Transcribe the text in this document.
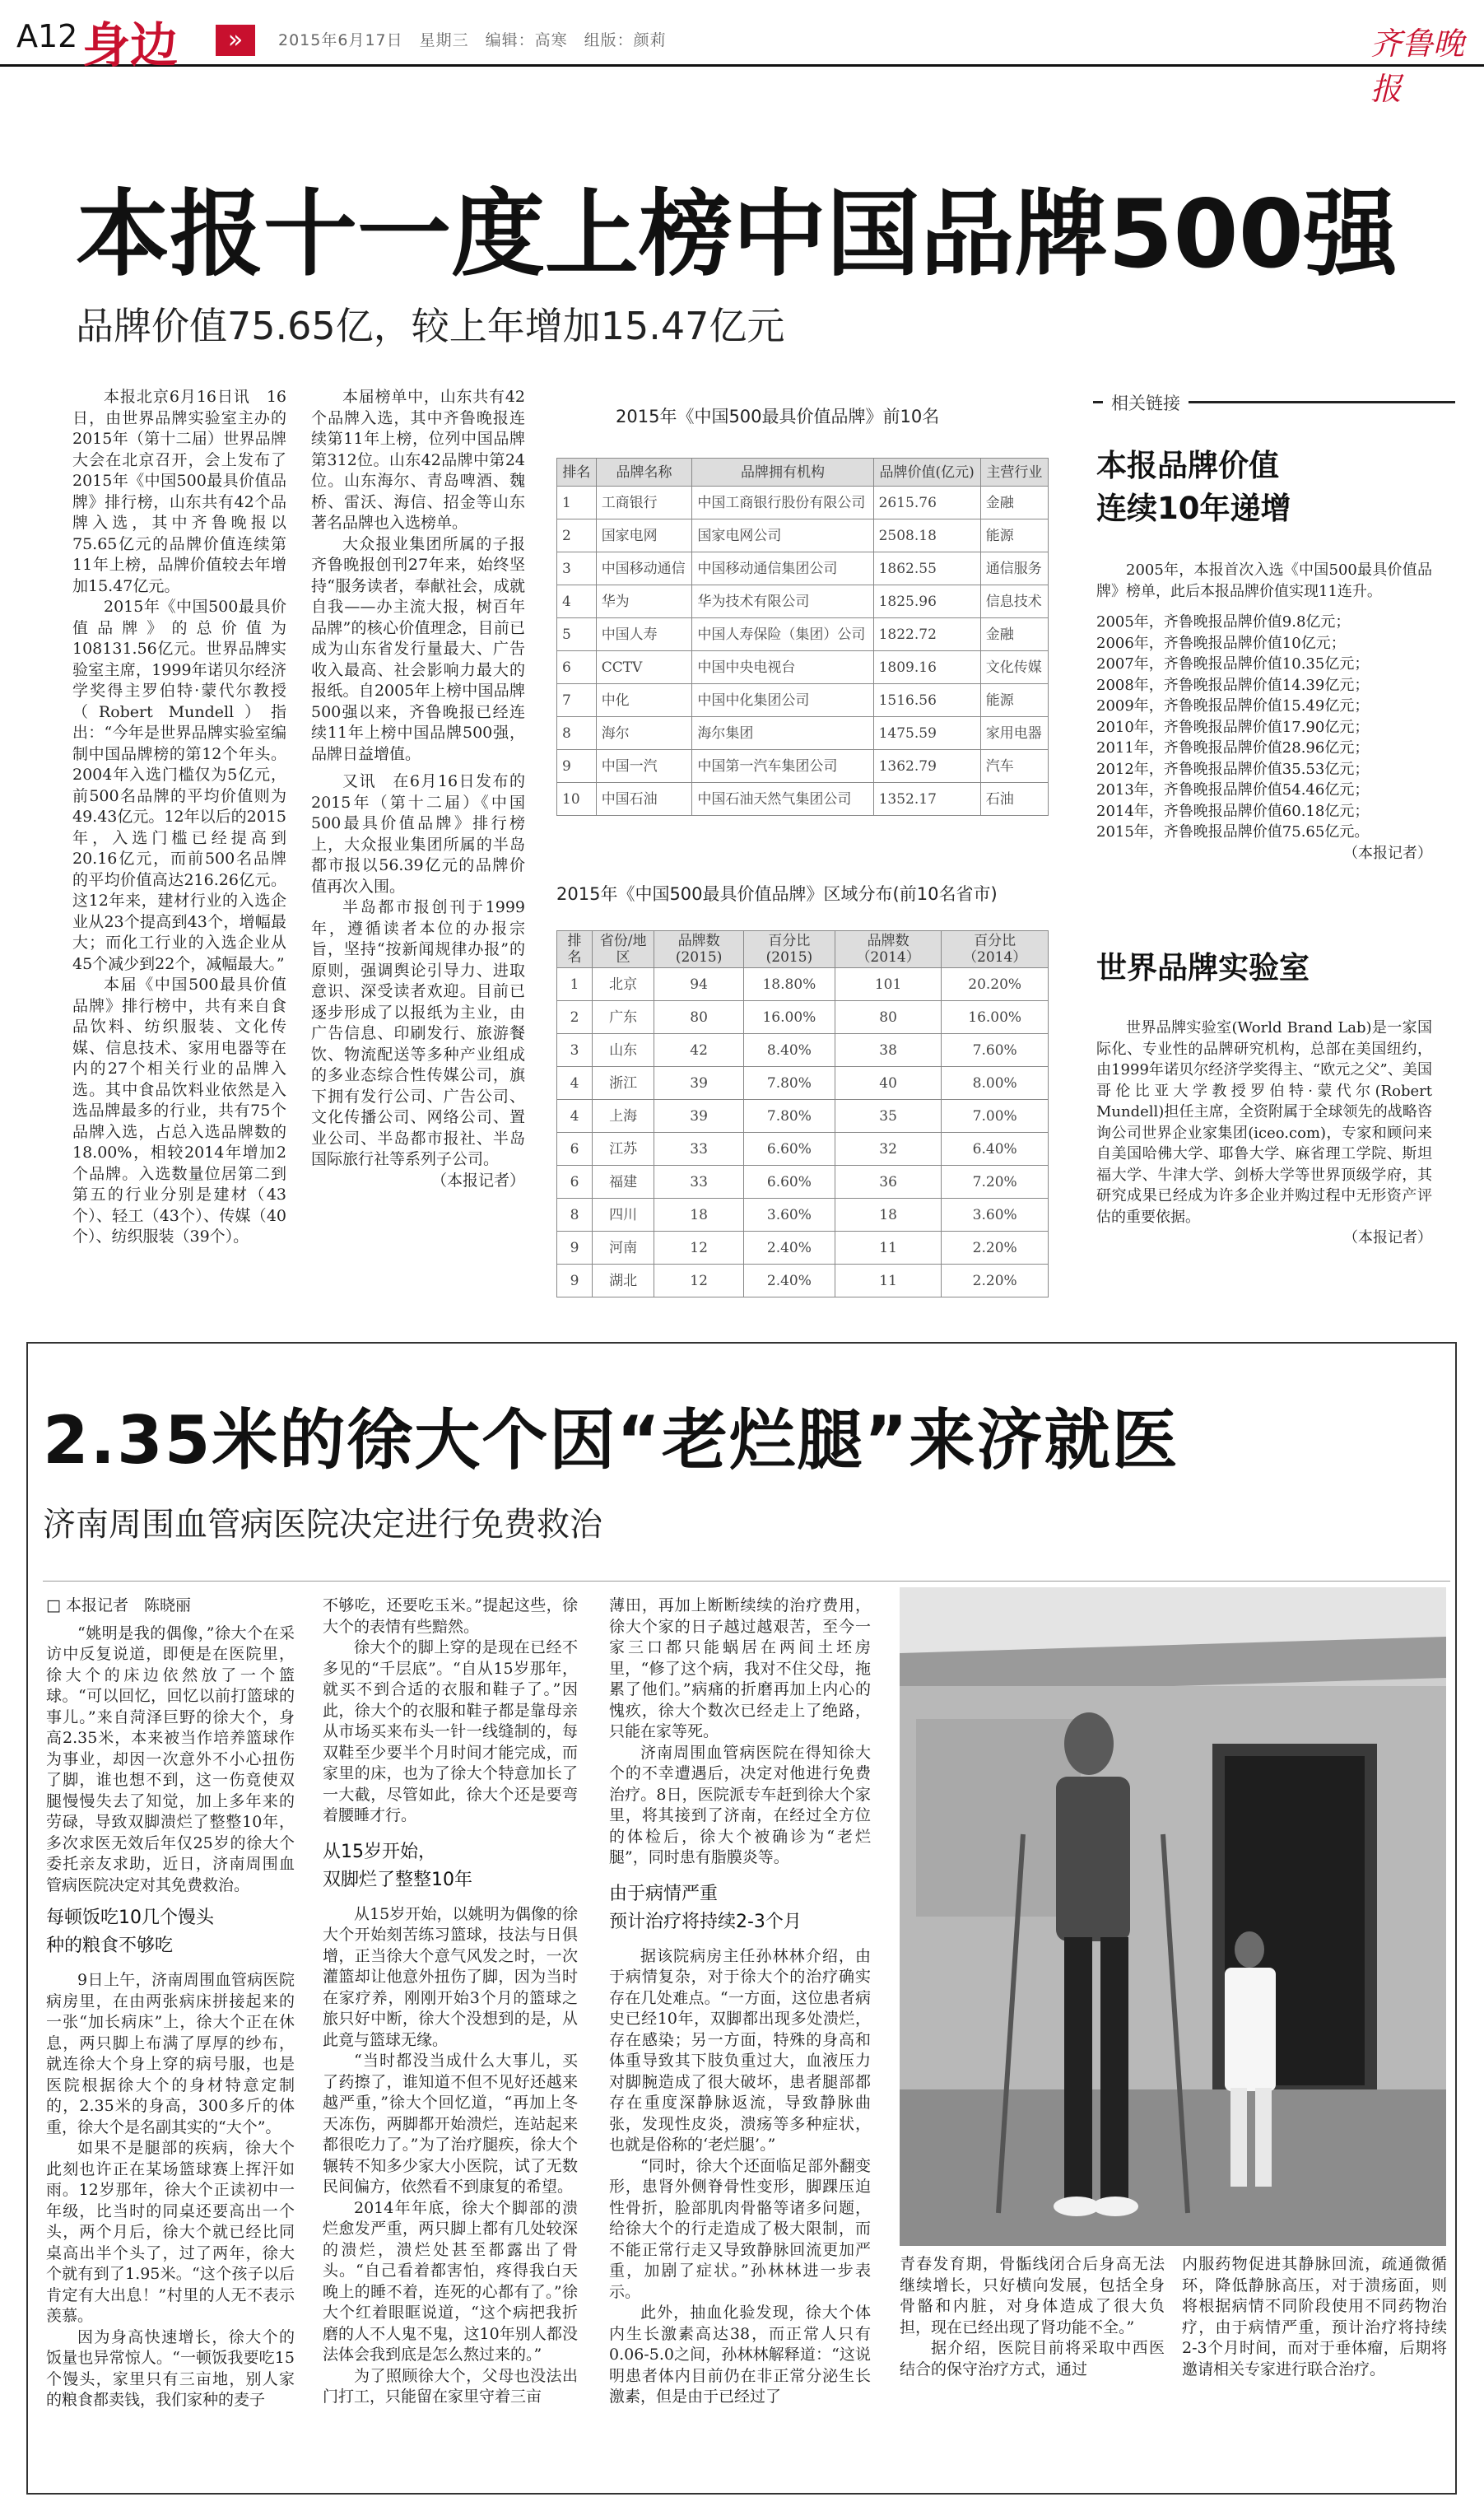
A12 身边	»	2015年6月17日　星期三　编辑：高寒　组版：颜莉	齐鲁晚报
本报十一度上榜中国品牌500强
品牌价值75.65亿，较上年增加15.47亿元

本报北京6月16日讯　16日，由世界品牌实验室主办的2015年（第十二届）世界品牌大会在北京召开，会上发布了2015年《中国500最具价值品牌》排行榜，山东共有42个品牌入选，其中齐鲁晚报以75.65亿元的品牌价值连续第11年上榜，品牌价值较去年增加15.47亿元。

2015年《中国500最具价值品牌》的总价值为108131.56亿元。世界品牌实验室主席，1999年诺贝尔经济学奖得主罗伯特·蒙代尔教授（Robert Mundell）指出：“今年是世界品牌实验室编制中国品牌榜的第12个年头。2004年入选门槛仅为5亿元，前500名品牌的平均价值则为49.43亿元。12年以后的2015年，入选门槛已经提高到20.16亿元，而前500名品牌的平均价值高达216.26亿元。这12年来，建材行业的入选企业从23个提高到43个，增幅最大；而化工行业的入选企业从45个减少到22个，减幅最大。”

本届《中国500最具价值品牌》排行榜中，共有来自食品饮料、纺织服装、文化传媒、信息技术、家用电器等在内的27个相关行业的品牌入选。其中食品饮料业依然是入选品牌最多的行业，共有75个品牌入选，占总入选品牌数的18.00%，相较2014年增加2个品牌。入选数量位居第二到第五的行业分别是建材（43个）、轻工（43个）、传媒（40个）、纺织服装（39个）。

本届榜单中，山东共有42个品牌入选，其中齐鲁晚报连续第11年上榜，位列中国品牌第312位。山东42品牌中第24位。山东海尔、青岛啤酒、魏桥、雷沃、海信、招金等山东著名品牌也入选榜单。

大众报业集团所属的子报齐鲁晚报创刊27年来，始终坚持“服务读者，奉献社会，成就自我——办主流大报，树百年品牌”的核心价值理念，目前已成为山东省发行量最大、广告收入最高、社会影响力最大的报纸。自2005年上榜中国品牌500强以来，齐鲁晚报已经连续11年上榜中国品牌500强，品牌日益增值。

又讯　在6月16日发布的2015年（第十二届）《中国500最具价值品牌》排行榜上，大众报业集团所属的半岛都市报以56.39亿元的品牌价值再次入围。

半岛都市报创刊于1999年，遵循读者本位的办报宗旨，坚持“按新闻规律办报”的原则，强调舆论引导力、进取意识、深受读者欢迎。目前已逐步形成了以报纸为主业，由广告信息、印刷发行、旅游餐饮、物流配送等多种产业组成的多业态综合性传媒公司，旗下拥有发行公司、广告公司、文化传播公司、网络公司、置业公司、半岛都市报社、半岛国际旅行社等系列子公司。

（本报记者）

2015年《中国500最具价值品牌》前10名
排名	品牌名称	品牌拥有机构	品牌价值(亿元)	主营行业
1	工商银行	中国工商银行股份有限公司	2615.76	金融
2	国家电网	国家电网公司	2508.18	能源
3	中国移动通信	中国移动通信集团公司	1862.55	通信服务
4	华为	华为技术有限公司	1825.96	信息技术
5	中国人寿	中国人寿保险（集团）公司	1822.72	金融
6	CCTV	中国中央电视台	1809.16	文化传媒
7	中化	中国中化集团公司	1516.56	能源
8	海尔	海尔集团	1475.59	家用电器
9	中国一汽	中国第一汽车集团公司	1362.79	汽车
10	中国石油	中国石油天然气集团公司	1352.17	石油
2015年《中国500最具价值品牌》区域分布(前10名省市)
排名	省份/地区	品牌数(2015)	百分比(2015)	品牌数（2014）	百分比（2014）
1	北京	94	18.80%	101	20.20%
2	广东	80	16.00%	80	16.00%
3	山东	42	8.40%	38	7.60%
4	浙江	39	7.80%	40	8.00%
4	上海	39	7.80%	35	7.00%
6	江苏	33	6.60%	32	6.40%
6	福建	33	6.60%	36	7.20%
8	四川	18	3.60%	18	3.60%
9	河南	12	2.40%	11	2.20%
9	湖北	12	2.40%	11	2.20%
相关链接
本报品牌价值
连续10年递增

2005年，本报首次入选《中国500最具价值品牌》榜单，此后本报品牌价值实现11连升。

2005年，齐鲁晚报品牌价值9.8亿元；
2006年，齐鲁晚报品牌价值10亿元；
2007年，齐鲁晚报品牌价值10.35亿元；
2008年，齐鲁晚报品牌价值14.39亿元；
2009年，齐鲁晚报品牌价值15.49亿元；
2010年，齐鲁晚报品牌价值17.90亿元；
2011年，齐鲁晚报品牌价值28.96亿元；
2012年，齐鲁晚报品牌价值35.53亿元；
2013年，齐鲁晚报品牌价值54.46亿元；
2014年，齐鲁晚报品牌价值60.18亿元；
2015年，齐鲁晚报品牌价值75.65亿元。

（本报记者）

世界品牌实验室

世界品牌实验室(World Brand Lab)是一家国际化、专业性的品牌研究机构，总部在美国纽约，由1999年诺贝尔经济学奖得主、“欧元之父”、美国哥伦比亚大学教授罗伯特·蒙代尔(Robert Mundell)担任主席，全资附属于全球领先的战略咨询公司世界企业家集团(iceo.com)，专家和顾问来自美国哈佛大学、耶鲁大学、麻省理工学院、斯坦福大学、牛津大学、剑桥大学等世界顶级学府，其研究成果已经成为许多企业并购过程中无形资产评估的重要依据。

（本报记者）

2.35米的徐大个因“老烂腿”来济就医
济南周围血管病医院决定进行免费救治

□ 本报记者　陈晓丽

“姚明是我的偶像，”徐大个在采访中反复说道，即便是在医院里，徐大个的床边依然放了一个篮球。“可以回忆，回忆以前打篮球的事儿。”来自菏泽巨野的徐大个，身高2.35米，本来被当作培养篮球作为事业，却因一次意外不小心扭伤了脚，谁也想不到，这一伤竟使双腿慢慢失去了知觉，加上多年来的劳碌，导致双脚溃烂了整整10年，多次求医无效后年仅25岁的徐大个委托亲友求助，近日，济南周围血管病医院决定对其免费救治。

每顿饭吃10几个馒头
种的粮食不够吃

9日上午，济南周围血管病医院病房里，在由两张病床拼接起来的一张“加长病床”上，徐大个正在休息，两只脚上布满了厚厚的纱布，就连徐大个身上穿的病号服，也是医院根据徐大个的身材特意定制的，2.35米的身高，300多斤的体重，徐大个是名副其实的“大个”。

如果不是腿部的疾病，徐大个此刻也许正在某场篮球赛上挥汗如雨。12岁那年，徐大个正读初中一年级，比当时的同桌还要高出一个头，两个月后，徐大个就已经比同桌高出半个头了，过了两年，徐大个就有到了1.95米。“这个孩子以后肯定有大出息！”村里的人无不表示羡慕。

因为身高快速增长，徐大个的饭量也异常惊人。“一顿饭我要吃15个馒头，家里只有三亩地，别人家的粮食都卖钱，我们家种的麦子

不够吃，还要吃玉米。”提起这些，徐大个的表情有些黯然。

徐大个的脚上穿的是现在已经不多见的“千层底”。“自从15岁那年，就买不到合适的衣服和鞋子了。”因此，徐大个的衣服和鞋子都是靠母亲从市场买来布头一针一线缝制的，每双鞋至少要半个月时间才能完成，而家里的床，也为了徐大个特意加长了一大截，尽管如此，徐大个还是要弯着腰睡才行。

从15岁开始，
双脚烂了整整10年

从15岁开始，以姚明为偶像的徐大个开始刻苦练习篮球，技法与日俱增，正当徐大个意气风发之时，一次灌篮却让他意外扭伤了脚，因为当时在家疗养，刚刚开始3个月的篮球之旅只好中断，徐大个没想到的是，从此竟与篮球无缘。

“当时都没当成什么大事儿，买了药擦了，谁知道不但不见好还越来越严重，”徐大个回忆道，“再加上冬天冻伤，两脚都开始溃烂，连站起来都很吃力了。”为了治疗腿疾，徐大个辗转不知多少家大小医院，试了无数民间偏方，依然看不到康复的希望。

2014年年底，徐大个脚部的溃烂愈发严重，两只脚上都有几处较深的溃烂，溃烂处甚至都露出了骨头。“自己看着都害怕，疼得我白天晚上的睡不着，连死的心都有了。”徐大个红着眼眶说道，“这个病把我折磨的人不人鬼不鬼，这10年别人都没法体会我到底是怎么熬过来的。”

为了照顾徐大个，父母也没法出门打工，只能留在家里守着三亩

薄田，再加上断断续续的治疗费用，徐大个家的日子越过越艰苦，至今一家三口都只能蜗居在两间土坯房里，“修了这个病，我对不住父母，拖累了他们。”病痛的折磨再加上内心的愧疚，徐大个数次已经走上了绝路，只能在家等死。

济南周围血管病医院在得知徐大个的不幸遭遇后，决定对他进行免费治疗。8日，医院派专车赶到徐大个家里，将其接到了济南，在经过全方位的体检后，徐大个被确诊为“老烂腿”，同时患有脂膜炎等。

由于病情严重
预计治疗将持续2-3个月

据该院病房主任孙林林介绍，由于病情复杂，对于徐大个的治疗确实存在几处难点。“一方面，这位患者病史已经10年，双脚都出现多处溃烂，存在感染；另一方面，特殊的身高和体重导致其下肢负重过大，血液压力对脚腕造成了很大破坏，患者腿部都存在重度深静脉返流，导致静脉曲张，发现性皮炎，溃疡等多种症状，也就是俗称的‘老烂腿’。”

“同时，徐大个还面临足部外翻变形，患肾外侧脊骨性变形，脚踝压迫性骨折，脸部肌肉骨骼等诸多问题，给徐大个的行走造成了极大限制，而不能正常行走又导致静脉回流更加严重，加剧了症状。”孙林林进一步表示。

此外，抽血化验发现，徐大个体内生长激素高达38，而正常人只有0.06-5.0之间，孙林林解释道：“这说明患者体内目前仍在非正常分泌生长激素，但是由于已经过了

青春发育期，骨骺线闭合后身高无法继续增长，只好横向发展，包括全身骨骼和内脏，对身体造成了很大负担，现在已经出现了肾功能不全。”

据介绍，医院目前将采取中西医结合的保守治疗方式，通过

内服药物促进其静脉回流，疏通微循环，降低静脉高压，对于溃疡面，则将根据病情不同阶段使用不同药物治疗，由于病情严重，预计治疗将持续2-3个月时间，而对于垂体瘤，后期将邀请相关专家进行联合治疗。
